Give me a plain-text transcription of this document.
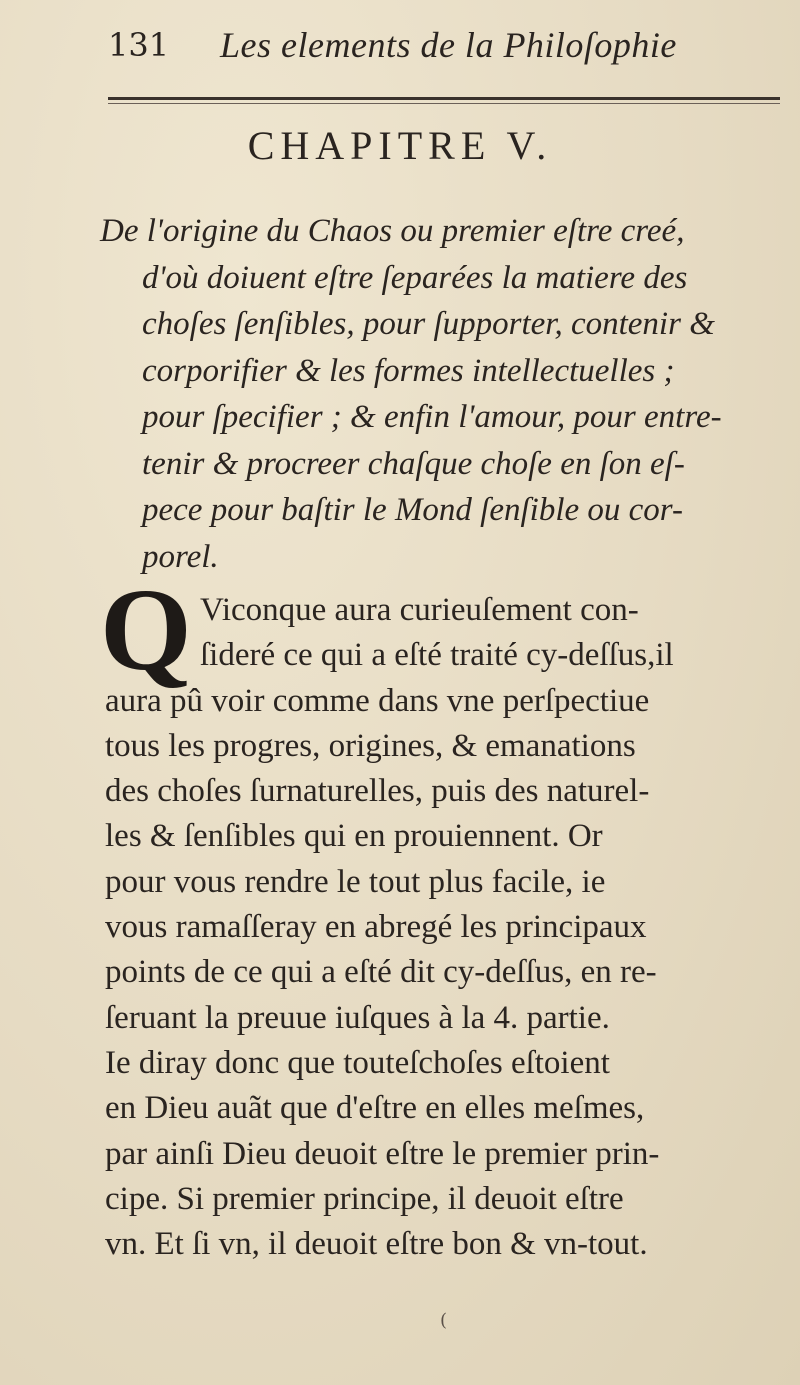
131 Les elements de la Philoſophie
CHAPITRE V.
De l'origine du Chaos ou premier eſtre creé,
d'où doiuent eſtre ſeparées la matiere des
choſes ſenſibles, pour ſupporter, contenir &
corporifier & les formes intellectuelles ;
pour ſpecifier ; & enfin l'amour, pour entre-
tenir & procreer chaſque choſe en ſon eſ-
pece pour baſtir le Mond ſenſible ou cor-
porel.
Q Viconque aura curieuſement con-
ſideré ce qui a eſté traité cy-deſſus,il
aura pû voir comme dans vne perſpectiue
tous les progres, origines, & emanations
des choſes ſurnaturelles, puis des naturel-
les & ſenſibles qui en prouiennent. Or
pour vous rendre le tout plus facile, ie
vous ramaſſeray en abregé les principaux
points de ce qui a eſté dit cy-deſſus, en re-
ſeruant la preuue iuſques à la 4. partie.
Ie diray donc que touteſchoſes eſtoient
en Dieu auãt que d'eſtre en elles meſmes,
par ainſi Dieu deuoit eſtre le premier prin-
cipe. Si premier principe, il deuoit eſtre
vn. Et ſi vn, il deuoit eſtre bon & vn-tout.
(
